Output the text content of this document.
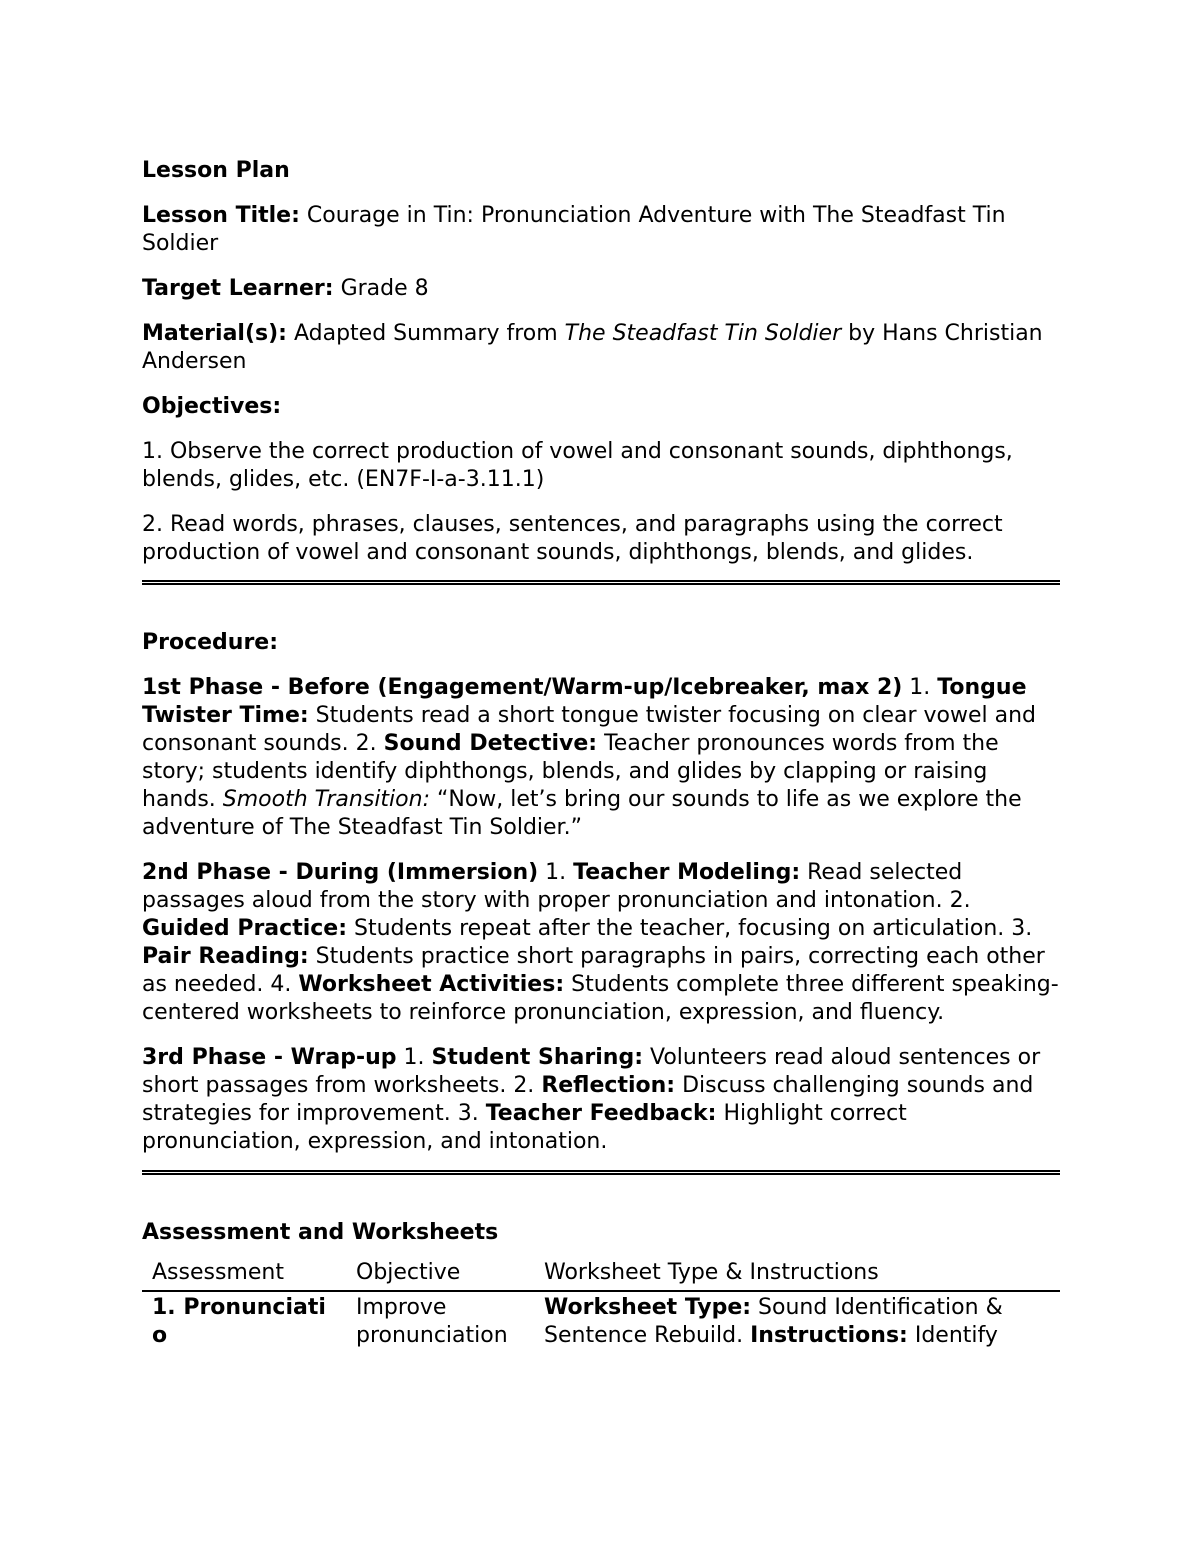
Lesson Plan

Lesson Title: Courage in Tin: Pronunciation Adventure with The Steadfast Tin Soldier

Target Learner: Grade 8

Material(s): Adapted Summary from The Steadfast Tin Soldier by Hans Christian Andersen

Objectives:

1. Observe the correct production of vowel and consonant sounds, diphthongs, blends, glides, etc. (EN7F-I-a-3.11.1)

2. Read words, phrases, clauses, sentences, and paragraphs using the correct production of vowel and consonant sounds, diphthongs, blends, and glides.

Procedure:

1st Phase - Before (Engagement/Warm-up/Icebreaker, max 2) 1. Tongue Twister Time: Students read a short tongue twister focusing on clear vowel and consonant sounds. 2. Sound Detective: Teacher pronounces words from the story; students identify diphthongs, blends, and glides by clapping or raising hands. Smooth Transition: “Now, let’s bring our sounds to life as we explore the adventure of The Steadfast Tin Soldier.”

2nd Phase - During (Immersion) 1. Teacher Modeling: Read selected passages aloud from the story with proper pronunciation and intonation. 2. Guided Practice: Students repeat after the teacher, focusing on articulation. 3. Pair Reading: Students practice short paragraphs in pairs, correcting each other as needed. 4. Worksheet Activities: Students complete three different speaking-centered worksheets to reinforce pronunciation, expression, and fluency.

3rd Phase - Wrap-up 1. Student Sharing: Volunteers read aloud sentences or short passages from worksheets. 2. Reflection: Discuss challenging sounds and strategies for improvement. 3. Teacher Feedback: Highlight correct pronunciation, expression, and intonation.

Assessment and Worksheets

Assessment	Objective	Worksheet Type & Instructions
1. Pronunciatio	Improve pronunciation	Worksheet Type: Sound Identification & Sentence Rebuild. Instructions: Identify
